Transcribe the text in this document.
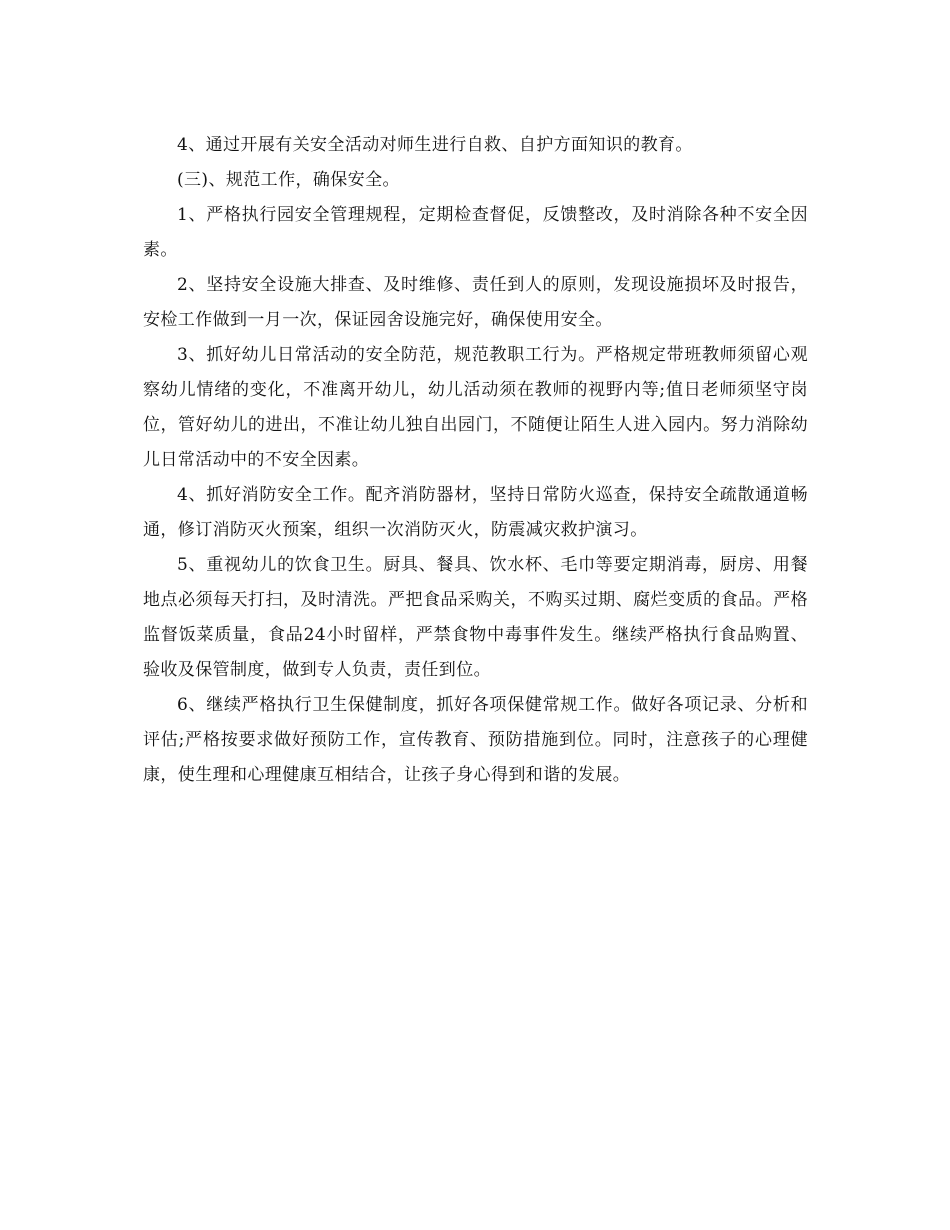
4、通过开展有关安全活动对师生进行自救、自护方面知识的教育。

(三)、规范工作，确保安全。

1、严格执行园安全管理规程，定期检查督促，反馈整改，及时消除各种不安全因素。

2、坚持安全设施大排查、及时维修、责任到人的原则，发现设施损坏及时报告，安检工作做到一月一次，保证园舍设施完好，确保使用安全。

3、抓好幼儿日常活动的安全防范，规范教职工行为。严格规定带班教师须留心观察幼儿情绪的变化，不准离开幼儿，幼儿活动须在教师的视野内等;值日老师须坚守岗位，管好幼儿的进出，不准让幼儿独自出园门，不随便让陌生人进入园内。努力消除幼儿日常活动中的不安全因素。

4、抓好消防安全工作。配齐消防器材，坚持日常防火巡查，保持安全疏散通道畅通，修订消防灭火预案，组织一次消防灭火，防震减灾救护演习。

5、重视幼儿的饮食卫生。厨具、餐具、饮水杯、毛巾等要定期消毒，厨房、用餐地点必须每天打扫，及时清洗。严把食品采购关，不购买过期、腐烂变质的食品。严格监督饭菜质量，食品24小时留样，严禁食物中毒事件发生。继续严格执行食品购置、验收及保管制度，做到专人负责，责任到位。

6、继续严格执行卫生保健制度，抓好各项保健常规工作。做好各项记录、分析和评估;严格按要求做好预防工作，宣传教育、预防措施到位。同时，注意孩子的心理健康，使生理和心理健康互相结合，让孩子身心得到和谐的发展。
